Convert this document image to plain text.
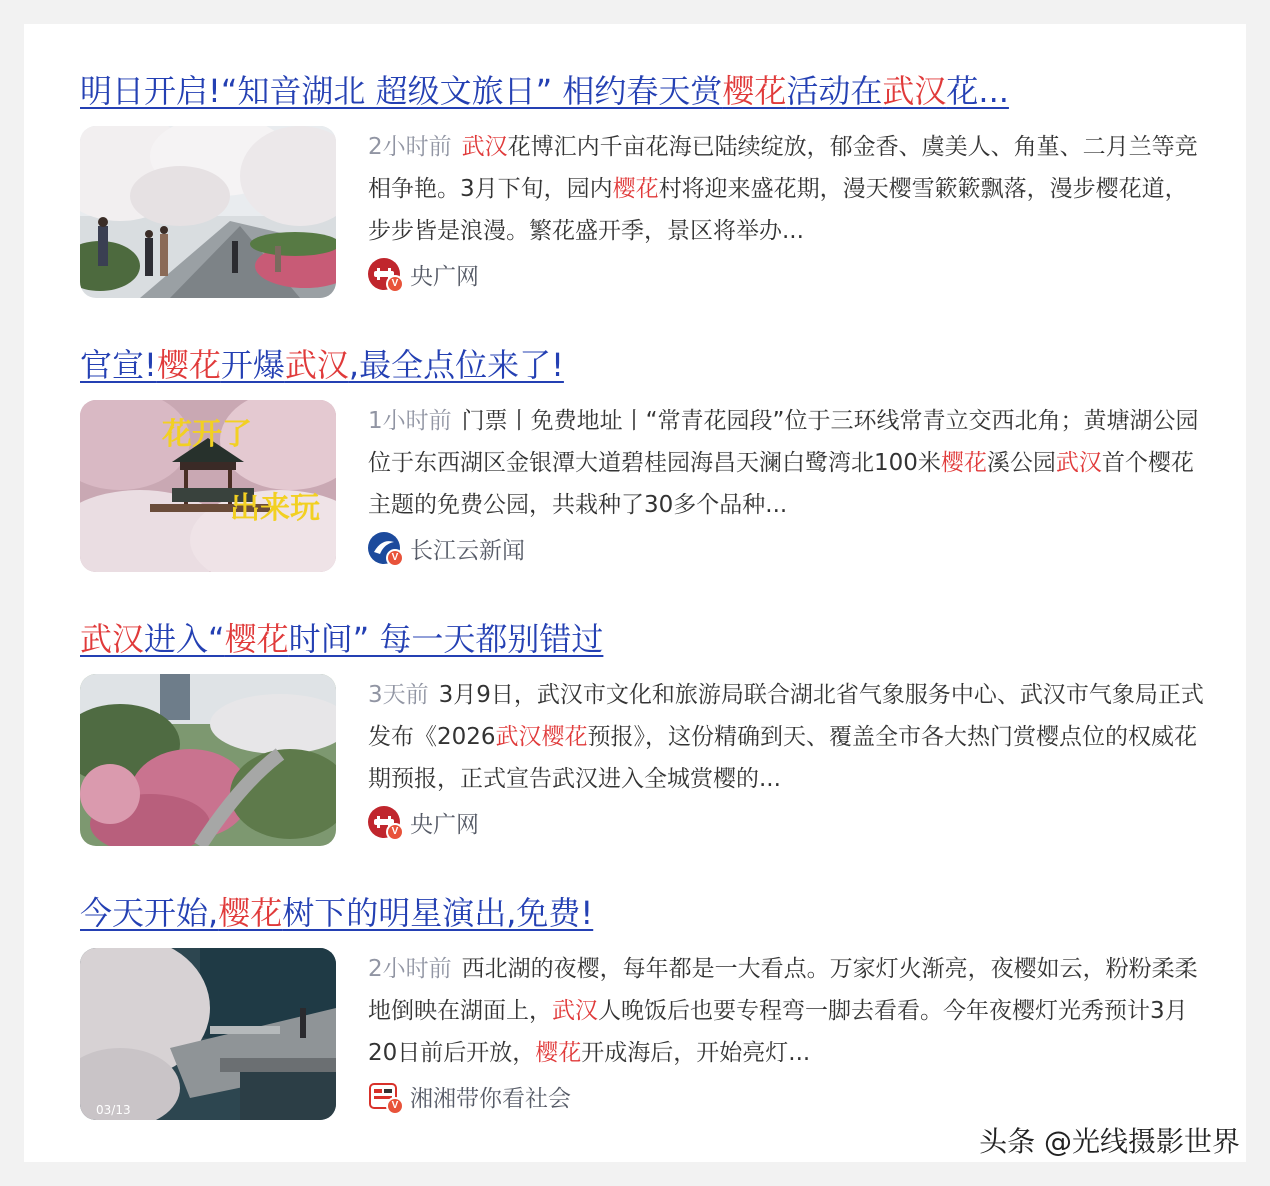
明日开启!“知音湖北 超级文旅日” 相约春天赏樱花活动在武汉花...
2小时前 武汉花博汇内千亩花海已陆续绽放，郁金香、虞美人、角堇、二月兰等竞相争艳。3月下旬，园内樱花村将迎来盛花期，漫天樱雪簌簌飘落，漫步樱花道，步步皆是浪漫。繁花盛开季，景区将举办...
V 央广网
官宣!樱花开爆武汉,最全点位来了!
花开了
出来玩
1小时前 门票丨免费地址丨“常青花园段”位于三环线常青立交西北角；黄塘湖公园位于东西湖区金银潭大道碧桂园海昌天澜白鹭湾北100米樱花溪公园武汉首个樱花主题的免费公园，共栽种了30多个品种...
V 长江云新闻
武汉进入“樱花时间” 每一天都别错过
3天前 3月9日，武汉市文化和旅游局联合湖北省气象服务中心、武汉市气象局正式发布《2026武汉樱花预报》，这份精确到天、覆盖全市各大热门赏樱点位的权威花期预报，正式宣告武汉进入全城赏樱的...
V 央广网
今天开始,樱花树下的明星演出,免费!
03/13
2小时前 西北湖的夜樱，每年都是一大看点。万家灯火渐亮，夜樱如云，粉粉柔柔地倒映在湖面上，武汉人晚饭后也要专程弯一脚去看看。今年夜樱灯光秀预计3月20日前后开放，樱花开成海后，开始亮灯...
V 湘湘带你看社会
头条 @光线摄影世界
